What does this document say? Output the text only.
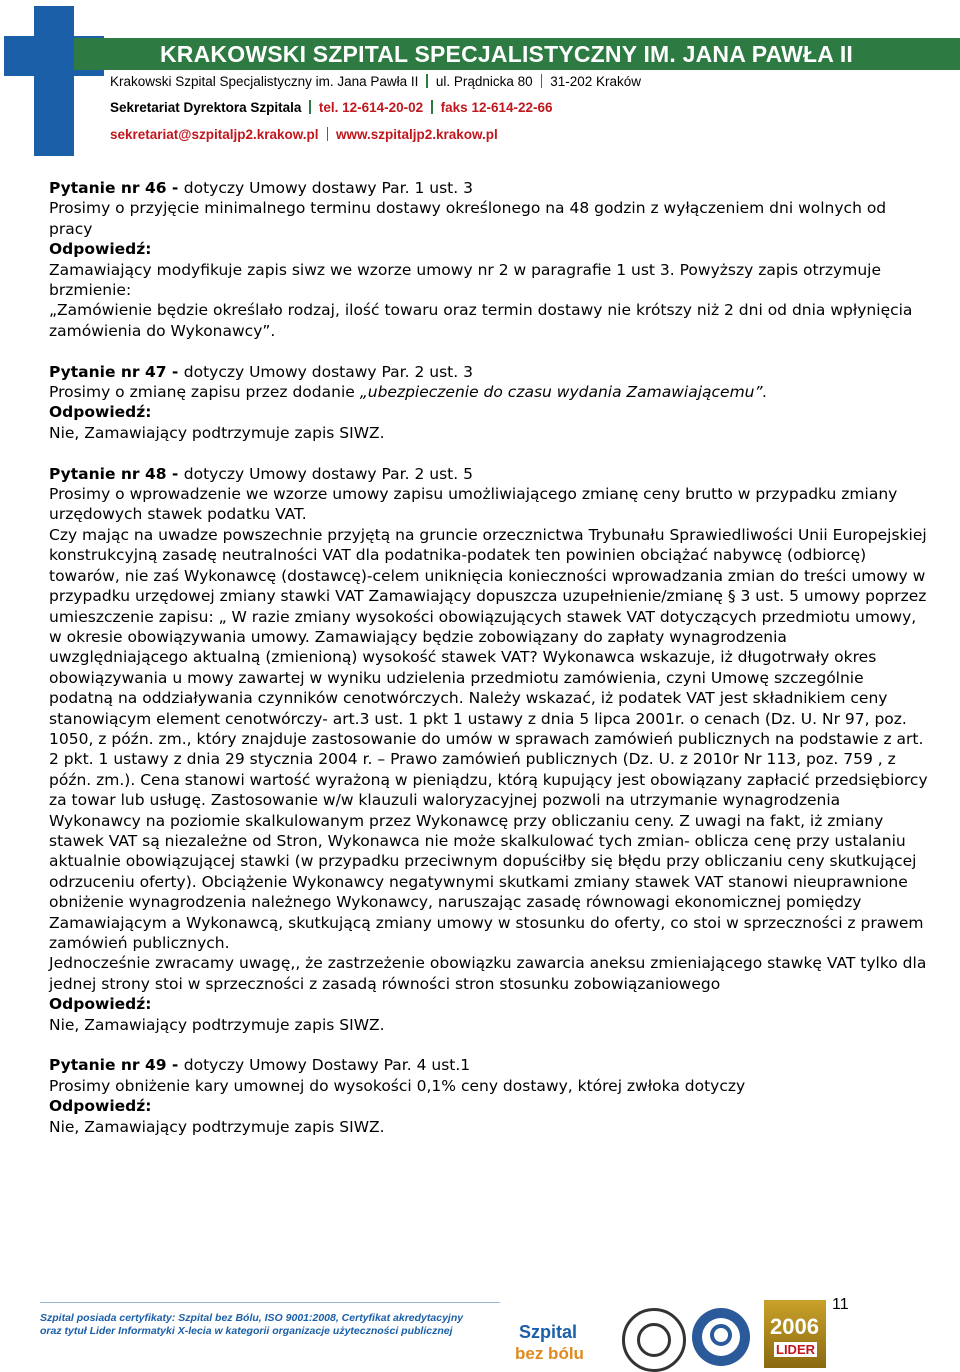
KRAKOWSKI SZPITAL SPECJALISTYCZNY IM. JANA PAWŁA II
Krakowski Szpital Specjalistyczny im. Jana Pawła II ul. Prądnicka 80 31-202 Kraków
Sekretariat Dyrektora Szpitala tel. 12-614-20-02 faks 12-614-22-66
sekretariat@szpitaljp2.krakow.pl www.szpitaljp2.krakow.pl

Pytanie nr 46 - dotyczy Umowy dostawy Par. 1 ust. 3

Prosimy o przyjęcie minimalnego terminu dostawy określonego na 48 godzin z wyłączeniem dni wolnych od pracy

Odpowiedź:

Zamawiający modyfikuje zapis siwz we wzorze umowy nr 2 w paragrafie 1 ust 3. Powyższy zapis otrzymuje brzmienie:

„Zamówienie będzie określało rodzaj, ilość towaru oraz termin dostawy nie krótszy niż 2 dni od dnia wpłynięcia zamówienia do Wykonawcy”.

Pytanie nr 47 - dotyczy Umowy dostawy Par. 2 ust. 3

Prosimy o zmianę zapisu przez dodanie „ubezpieczenie do czasu wydania Zamawiającemu”.

Odpowiedź:

Nie, Zamawiający podtrzymuje zapis SIWZ.

Pytanie nr 48 - dotyczy Umowy dostawy Par. 2 ust. 5

Prosimy o wprowadzenie we wzorze umowy zapisu umożliwiającego zmianę ceny brutto w przypadku zmiany urzędowych stawek podatku VAT.

Czy mając na uwadze powszechnie przyjętą na gruncie orzecznictwa Trybunału Sprawiedliwości Unii Europejskiej konstrukcyjną zasadę neutralności VAT dla podatnika-podatek ten powinien obciążać nabywcę (odbiorcę) towarów, nie zaś Wykonawcę (dostawcę)-celem uniknięcia konieczności wprowadzania zmian do treści umowy w przypadku urzędowej zmiany stawki VAT Zamawiający dopuszcza uzupełnienie/zmianę § 3 ust. 5 umowy poprzez umieszczenie zapisu: „ W razie zmiany wysokości obowiązujących stawek VAT dotyczących przedmiotu umowy, w okresie obowiązywania umowy. Zamawiający będzie zobowiązany do zapłaty wynagrodzenia uwzględniającego aktualną (zmienioną) wysokość stawek VAT? Wykonawca wskazuje, iż długotrwały okres obowiązywania u mowy zawartej w wyniku udzielenia przedmiotu zamówienia, czyni Umowę szczególnie podatną na oddziaływania czynników cenotwórczych. Należy wskazać, iż podatek VAT jest składnikiem ceny stanowiącym element cenotwórczy- art.3 ust. 1 pkt 1 ustawy z dnia 5 lipca 2001r. o cenach (Dz. U. Nr 97, poz. 1050, z późn. zm., który znajduje zastosowanie do umów w sprawach zamówień publicznych na podstawie z art. 2 pkt. 1 ustawy z dnia 29 stycznia 2004 r. – Prawo zamówień publicznych (Dz. U. z 2010r Nr 113, poz. 759 , z późn. zm.). Cena stanowi wartość wyrażoną w pieniądzu, którą kupujący jest obowiązany zapłacić przedsiębiorcy za towar lub usługę. Zastosowanie w/w klauzuli waloryzacyjnej pozwoli na utrzymanie wynagrodzenia Wykonawcy na poziomie skalkulowanym przez Wykonawcę przy obliczaniu ceny. Z uwagi na fakt, iż zmiany stawek VAT są niezależne od Stron, Wykonawca nie może skalkulować tych zmian- oblicza cenę przy ustalaniu aktualnie obowiązującej stawki (w przypadku przeciwnym dopuściłby się błędu przy obliczaniu ceny skutkującej odrzuceniu oferty). Obciążenie Wykonawcy negatywnymi skutkami zmiany stawek VAT stanowi nieuprawnione obniżenie wynagrodzenia należnego Wykonawcy, naruszając zasadę równowagi ekonomicznej pomiędzy Zamawiającym a Wykonawcą, skutkującą zmiany umowy w stosunku do oferty, co stoi w sprzeczności z prawem zamówień publicznych.

Jednocześnie zwracamy uwagę,, że zastrzeżenie obowiązku zawarcia aneksu zmieniającego stawkę VAT tylko dla jednej strony stoi w sprzeczności z zasadą równości stron stosunku zobowiązaniowego

Odpowiedź:

Nie, Zamawiający podtrzymuje zapis SIWZ.

Pytanie nr 49 - dotyczy Umowy Dostawy Par. 4 ust.1

Prosimy obniżenie kary umownej do wysokości 0,1% ceny dostawy, której zwłoka dotyczy

Odpowiedź:

Nie, Zamawiający podtrzymuje zapis SIWZ.

11
Szpital posiada certyfikaty: Szpital bez Bólu, ISO 9001:2008, Certyfikat akredytacyjny
oraz tytuł Lider Informatyki X-lecia w kategorii organizacje użyteczności publicznej	Szpital
bez bólu
2006
LIDER
